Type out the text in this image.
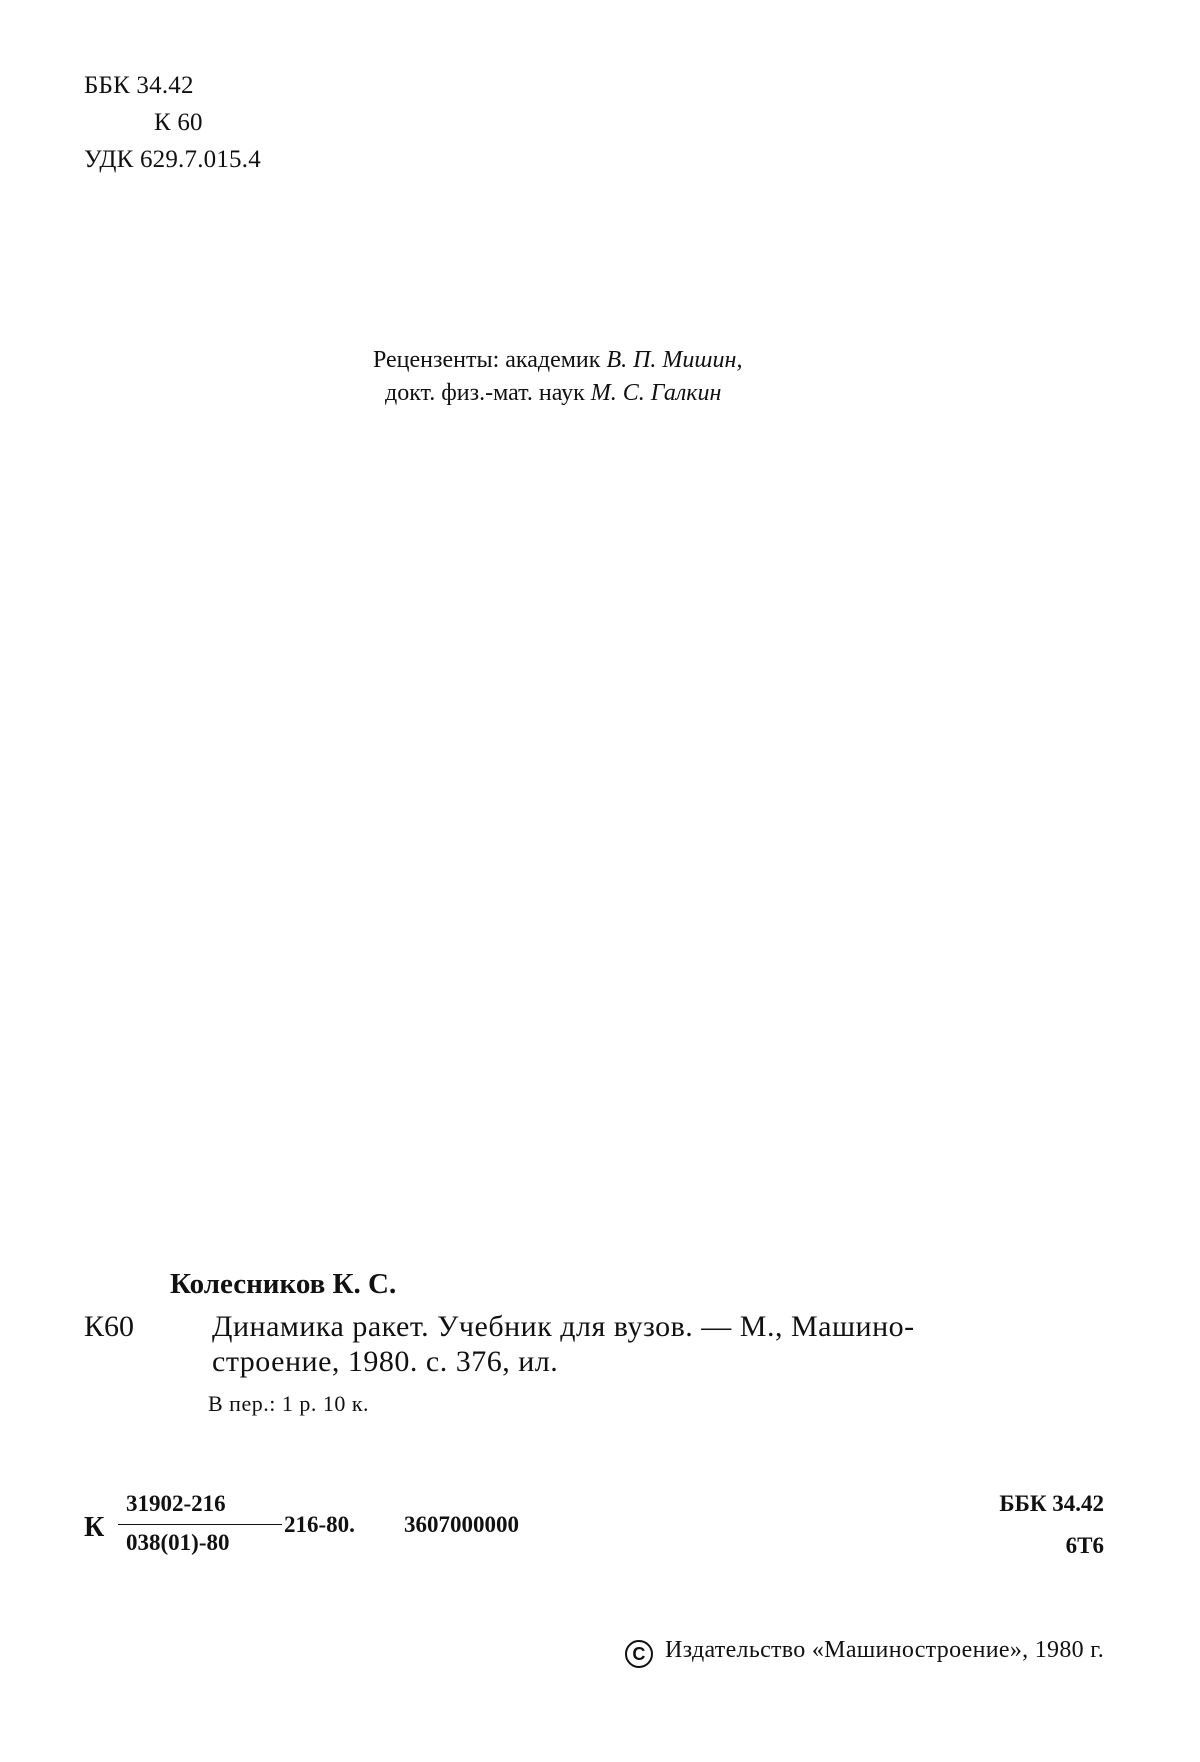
ББК 34.42
К 60
УДК 629.7.015.4
Рецензенты: академик В. П. Мишин,
докт. физ.-мат. наук М. С. Галкин
Колесников К. С.
К60	Динамика ракет. Учебник для вузов. — М., Машино-
строение, 1980. с. 376, ил.
В пер.: 1 р. 10 к.
К
31902-216
038(01)-80
216-80. 3607000000
ББК 34.42
6Т6
С Издательство «Машиностроение», 1980 г.
